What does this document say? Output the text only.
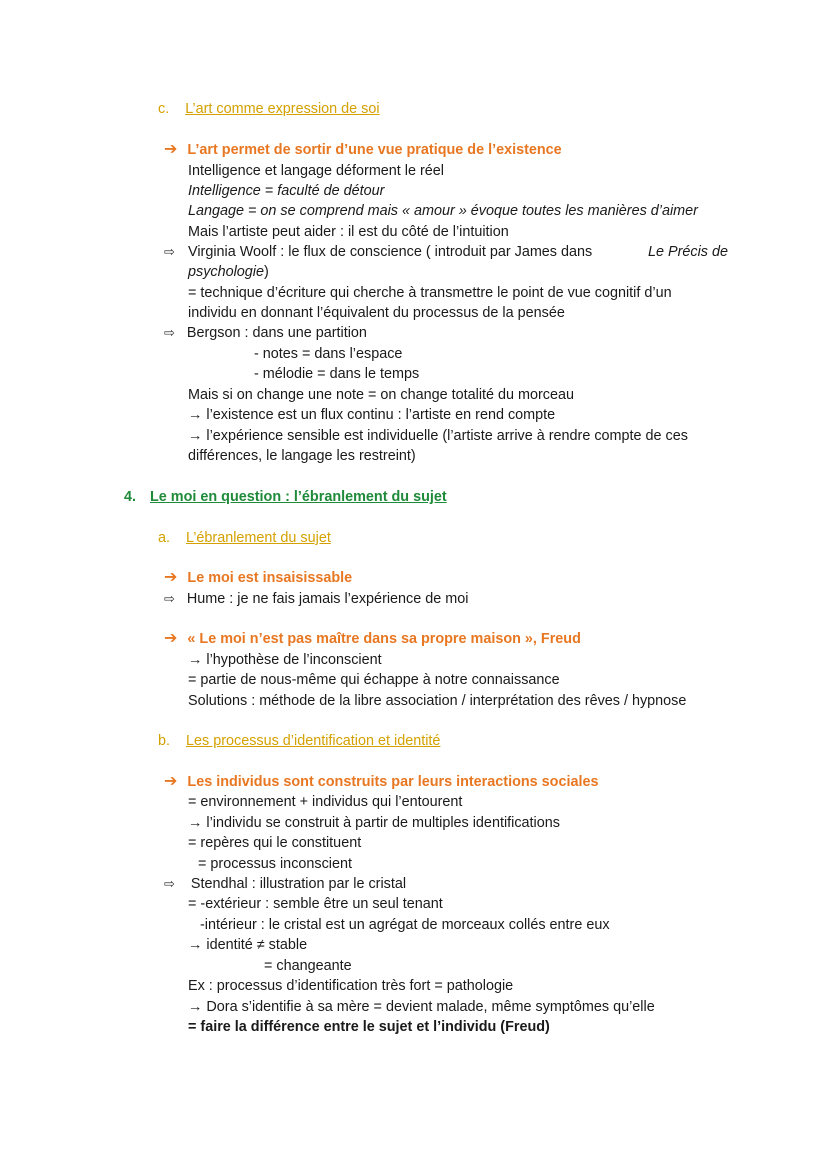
c. L’art comme expression de soi
➔ L’art permet de sortir d’une vue pratique de l’existence
Intelligence et langage déforment le réel
Intelligence = faculté de détour
Langage = on se comprend mais « amour » évoque toutes les manières d’aimer
Mais l’artiste peut aider : il est du côté de l’intuition
⇨ Virginia Woolf : le flux de conscience ( introduit par James dans	Le Précis de
psychologie)
= technique d’écriture qui cherche à transmettre le point de vue cognitif d’un
individu en donnant l’équivalent du processus de la pensée
⇨ Bergson : dans une partition
- notes = dans l’espace
- mélodie = dans le temps
Mais si on change une note = on change totalité du morceau
→ l’existence est un flux continu : l’artiste en rend compte
→ l’expérience sensible est individuelle (l’artiste arrive à rendre compte de ces
différences, le langage les restreint)
4. Le moi en question : l’ébranlement du sujet
a. L’ébranlement du sujet
➔ Le moi est insaisissable
⇨ Hume : je ne fais jamais l’expérience de moi
➔ « Le moi n’est pas maître dans sa propre maison », Freud
→ l’hypothèse de l’inconscient
= partie de nous-même qui échappe à notre connaissance
Solutions : méthode de la libre association / interprétation des rêves / hypnose
b. Les processus d’identification et identité
➔ Les individus sont construits par leurs interactions sociales
= environnement + individus qui l’entourent
→ l’individu se construit à partir de multiples identifications
= repères qui le constituent
= processus inconscient
⇨ Stendhal : illustration par le cristal
= -extérieur : semble être un seul tenant
-intérieur : le cristal est un agrégat de morceaux collés entre eux
→ identité ≠ stable
= changeante
Ex : processus d’identification très fort = pathologie
→ Dora s’identifie à sa mère = devient malade, même symptômes qu’elle
= faire la différence entre le sujet et l’individu (Freud)
